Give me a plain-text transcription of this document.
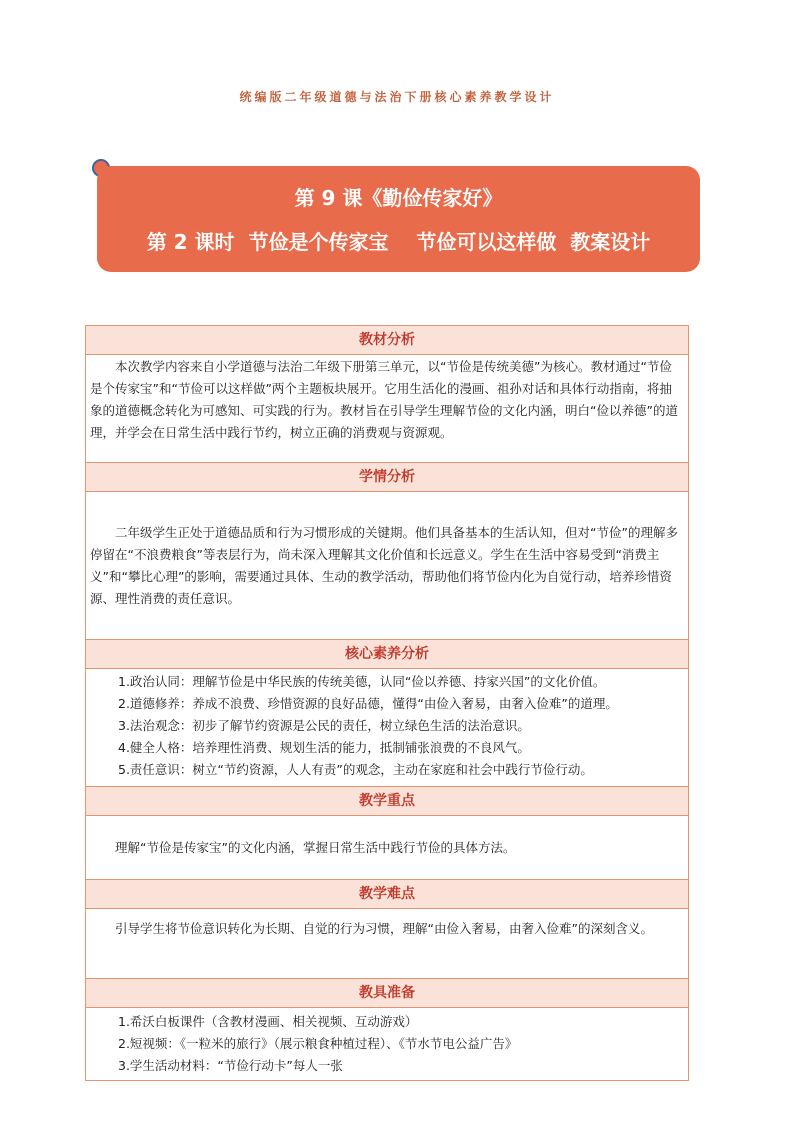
统编版二年级道德与法治下册核心素养教学设计
第 9 课《勤俭传家好》
第 2 课时  节俭是个传家宝    节俭可以这样做  教案设计
教材分析
本次教学内容来自小学道德与法治二年级下册第三单元，以“节俭是传统美德”为核心。教材通过“节俭是个传家宝”和“节俭可以这样做”两个主题板块展开。它用生活化的漫画、祖孙对话和具体行动指南，将抽象的道德概念转化为可感知、可实践的行为。教材旨在引导学生理解节俭的文化内涵，明白“俭以养德”的道理，并学会在日常生活中践行节约，树立正确的消费观与资源观。
学情分析
二年级学生正处于道德品质和行为习惯形成的关键期。他们具备基本的生活认知，但对“节俭”的理解多停留在“不浪费粮食”等表层行为，尚未深入理解其文化价值和长远意义。学生在生活中容易受到“消费主义”和“攀比心理”的影响，需要通过具体、生动的教学活动，帮助他们将节俭内化为自觉行动，培养珍惜资源、理性消费的责任意识。
核心素养分析
1.政治认同：理解节俭是中华民族的传统美德，认同“俭以养德、持家兴国”的文化价值。
2.道德修养：养成不浪费、珍惜资源的良好品德，懂得“由俭入奢易，由奢入俭难”的道理。
3.法治观念：初步了解节约资源是公民的责任，树立绿色生活的法治意识。
4.健全人格：培养理性消费、规划生活的能力，抵制铺张浪费的不良风气。
5.责任意识：树立“节约资源，人人有责”的观念，主动在家庭和社会中践行节俭行动。
教学重点
理解“节俭是传家宝”的文化内涵，掌握日常生活中践行节俭的具体方法。
教学难点
引导学生将节俭意识转化为长期、自觉的行为习惯，理解“由俭入奢易，由奢入俭难”的深刻含义。
教具准备
1.希沃白板课件（含教材漫画、相关视频、互动游戏）
2.短视频：《一粒米的旅行》（展示粮食种植过程）、《节水节电公益广告》
3.学生活动材料：“节俭行动卡”每人一张
